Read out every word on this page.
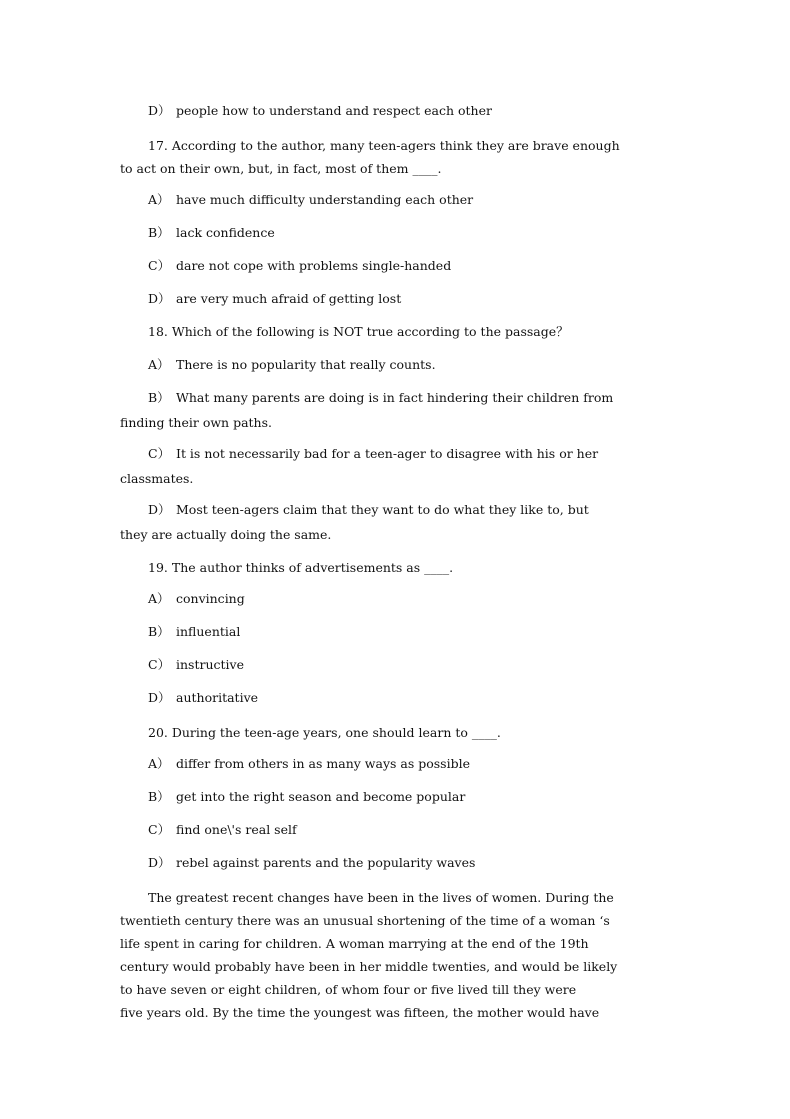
D） people how to understand and respect each other
17. According to the author, many teen-agers think they are brave enough
to act on their own, but, in fact, most of them ____.
A） have much difficulty understanding each other
B） lack confidence
C） dare not cope with problems single-handed
D） are very much afraid of getting lost
18. Which of the following is NOT true according to the passage？
A） There is no popularity that really counts.
B） What many parents are doing is in fact hindering their children from
finding their own paths.
C） It is not necessarily bad for a teen-ager to disagree with his or her
classmates.
D） Most teen-agers claim that they want to do what they like to, but
they are actually doing the same.
19. The author thinks of advertisements as ____.
A） convincing
B） influential
C） instructive
D） authoritative
20. During the teen-age years, one should learn to ____.
A） differ from others in as many ways as possible
B） get into the right season and become popular
C） find one\'s real self
D） rebel against parents and the popularity waves
The greatest recent changes have been in the lives of women. During the
twentieth century there was an unusual shortening of the time of a woman ‘s
life spent in caring for children. A woman marrying at the end of the 19th
century would probably have been in her middle twenties, and would be likely
to have seven or eight children, of whom four or five lived till they were
five years old. By the time the youngest was fifteen, the mother would have
